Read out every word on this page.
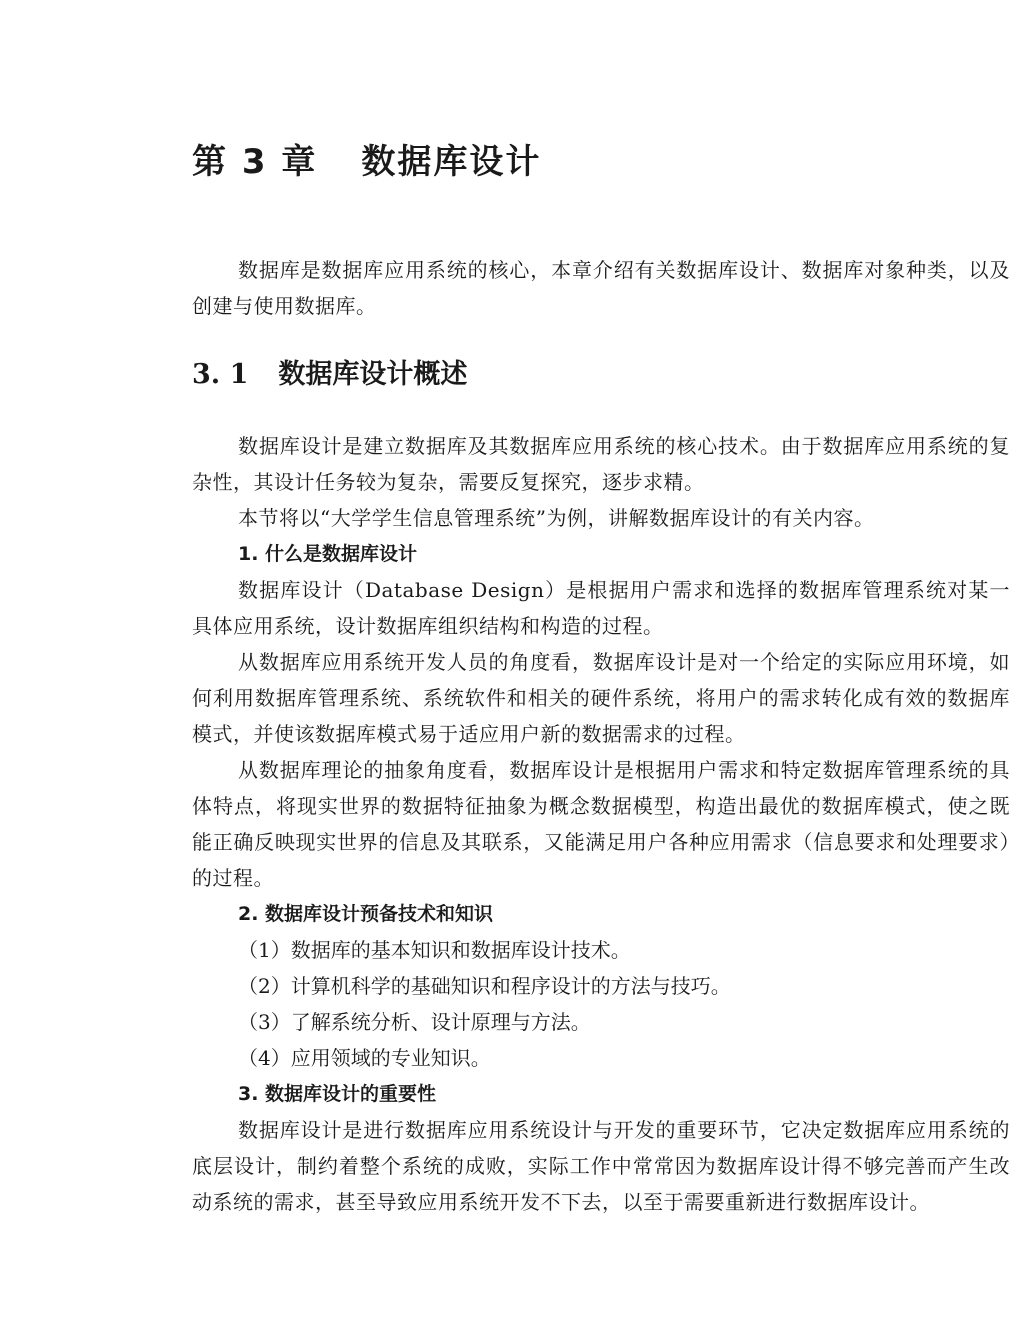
第 3 章 数据库设计

数据库是数据库应用系统的核心，本章介绍有关数据库设计、数据库对象种类，以及创建与使用数据库。

3. 1 数据库设计概述

数据库设计是建立数据库及其数据库应用系统的核心技术。由于数据库应用系统的复杂性，其设计任务较为复杂，需要反复探究，逐步求精。

本节将以“大学学生信息管理系统”为例，讲解数据库设计的有关内容。

1. 什么是数据库设计

数据库设计（Database Design）是根据用户需求和选择的数据库管理系统对某一具体应用系统，设计数据库组织结构和构造的过程。

从数据库应用系统开发人员的角度看，数据库设计是对一个给定的实际应用环境，如何利用数据库管理系统、系统软件和相关的硬件系统，将用户的需求转化成有效的数据库模式，并使该数据库模式易于适应用户新的数据需求的过程。

从数据库理论的抽象角度看，数据库设计是根据用户需求和特定数据库管理系统的具体特点，将现实世界的数据特征抽象为概念数据模型，构造出最优的数据库模式，使之既能正确反映现实世界的信息及其联系，又能满足用户各种应用需求（信息要求和处理要求）的过程。

2. 数据库设计预备技术和知识
（1）数据库的基本知识和数据库设计技术。
（2）计算机科学的基础知识和程序设计的方法与技巧。
（3）了解系统分析、设计原理与方法。
（4）应用领域的专业知识。
3. 数据库设计的重要性

数据库设计是进行数据库应用系统设计与开发的重要环节，它决定数据库应用系统的底层设计，制约着整个系统的成败，实际工作中常常因为数据库设计得不够完善而产生改动系统的需求，甚至导致应用系统开发不下去，以至于需要重新进行数据库设计。
